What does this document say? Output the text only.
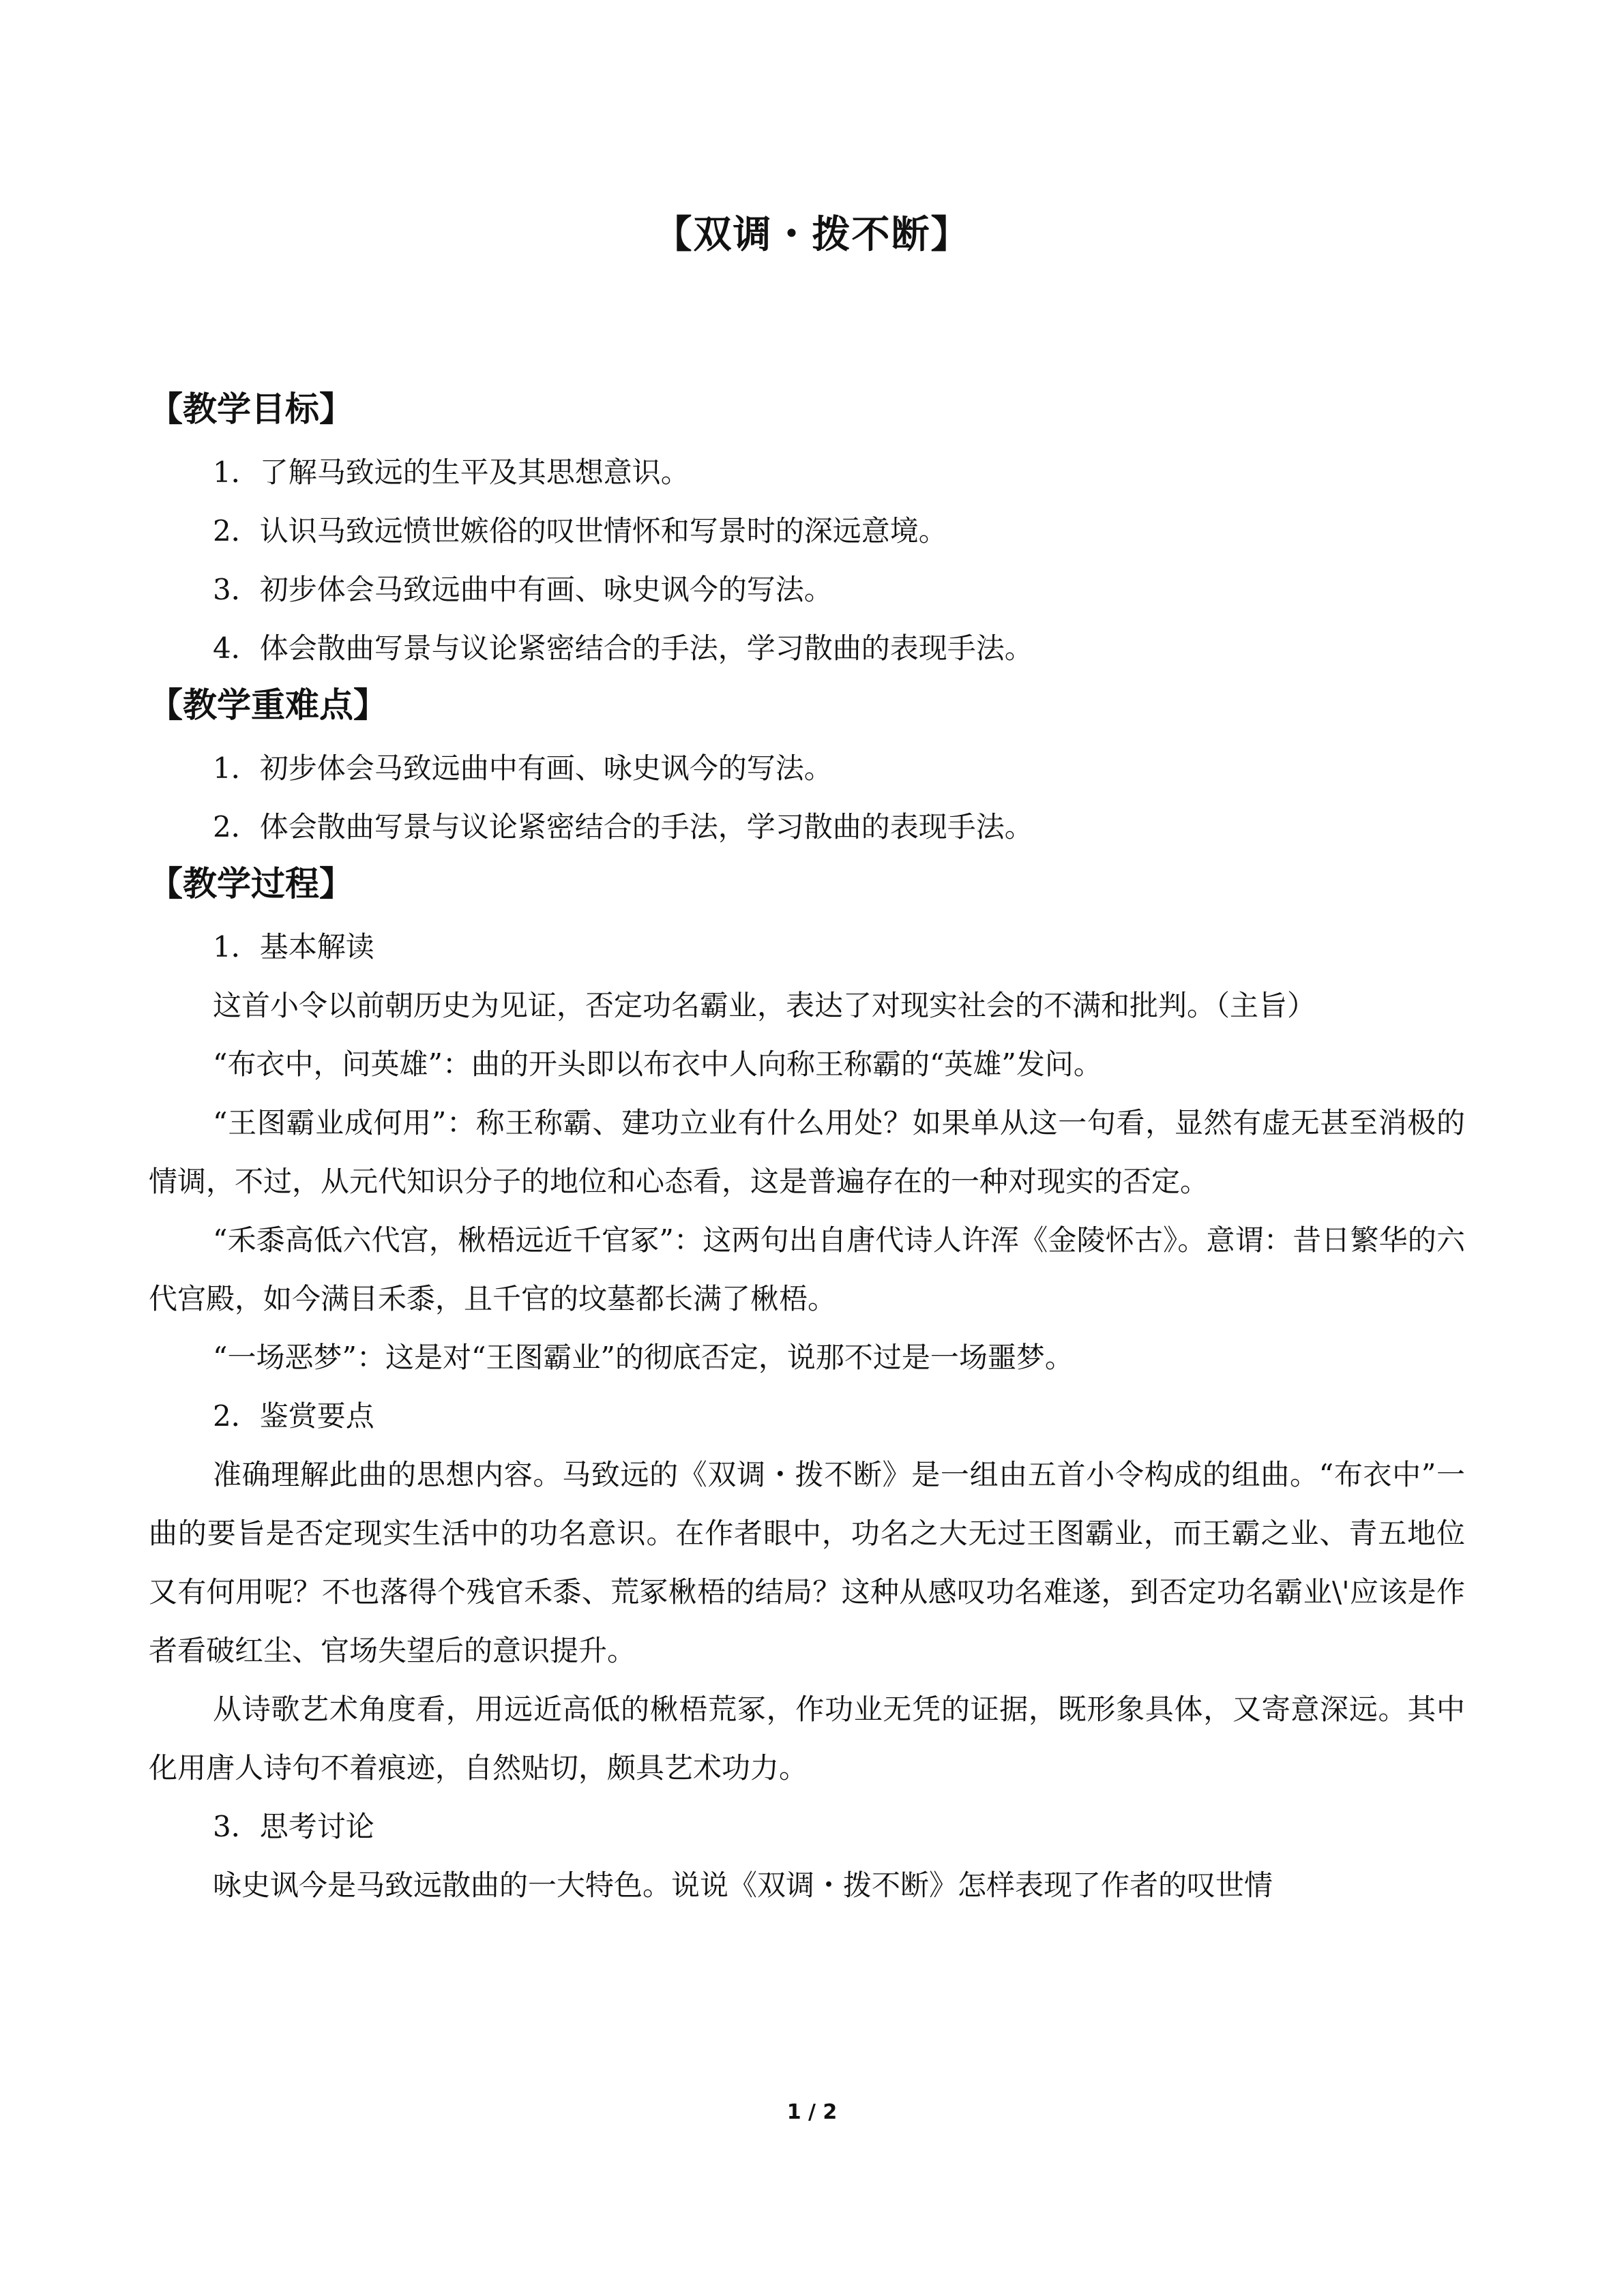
【双调・拨不断】
【教学目标】
1．了解马致远的生平及其思想意识。
2．认识马致远愤世嫉俗的叹世情怀和写景时的深远意境。
3．初步体会马致远曲中有画、咏史讽今的写法。
4．体会散曲写景与议论紧密结合的手法，学习散曲的表现手法。
【教学重难点】
1．初步体会马致远曲中有画、咏史讽今的写法。
2．体会散曲写景与议论紧密结合的手法，学习散曲的表现手法。
【教学过程】
1．基本解读

这首小令以前朝历史为见证，否定功名霸业，表达了对现实社会的不满和批判。（主旨）

“布衣中，问英雄”：曲的开头即以布衣中人向称王称霸的“英雄”发问。

“王图霸业成何用”：称王称霸、建功立业有什么用处？如果单从这一句看，显然有虚无甚至消极的情调，不过，从元代知识分子的地位和心态看，这是普遍存在的一种对现实的否定。

“禾黍高低六代宫，楸梧远近千官冢”：这两句出自唐代诗人许浑《金陵怀古》。意谓：昔日繁华的六代宫殿，如今满目禾黍，且千官的坟墓都长满了楸梧。

“一场恶梦”：这是对“王图霸业”的彻底否定，说那不过是一场噩梦。

2．鉴赏要点

准确理解此曲的思想内容。马致远的《双调・拨不断》是一组由五首小令构成的组曲。“布衣中”一曲的要旨是否定现实生活中的功名意识。在作者眼中，功名之大无过王图霸业，而王霸之业、青五地位又有何用呢？不也落得个残官禾黍、荒冢楸梧的结局？这种从感叹功名难遂，到否定功名霸业\'应该是作者看破红尘、官场失望后的意识提升。

从诗歌艺术角度看，用远近高低的楸梧荒冢，作功业无凭的证据，既形象具体，又寄意深远。其中化用唐人诗句不着痕迹，自然贴切，颇具艺术功力。

3．思考讨论

咏史讽今是马致远散曲的一大特色。说说《双调・拨不断》怎样表现了作者的叹世情

1 / 2
